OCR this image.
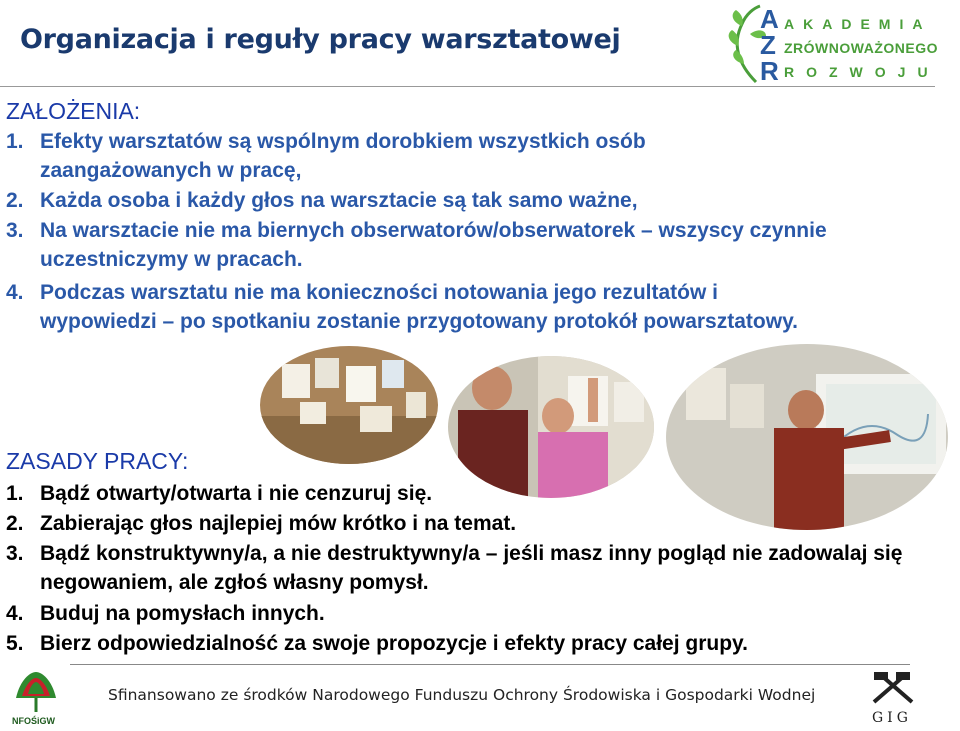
Organizacja i reguły pracy warsztatowej
A
Z
R
AKADEMIA
ZRÓWNOWAŻONEGO
ROZWOJU
ZAŁOŻENIA:
1. Efekty warsztatów są wspólnym dorobkiem wszystkich osób zaangażowanych w pracę,
2. Każda osoba i każdy głos na warsztacie są tak samo ważne,
3. Na warsztacie nie ma biernych obserwatorów/obserwatorek – wszyscy czynnie uczestniczymy w pracach.
4. Podczas warsztatu nie ma konieczności notowania jego rezultatów i wypowiedzi – po spotkaniu zostanie przygotowany protokół powarsztatowy.
ZASADY PRACY:
1. Bądź otwarty/otwarta i nie cenzuruj się.
2. Zabierając głos najlepiej mów krótko i na temat.
3. Bądź konstruktywny/a, a nie destruktywny/a – jeśli masz inny pogląd nie zadowalaj się negowaniem, ale zgłoś własny pomysł.
4. Buduj na pomysłach innych.
5. Bierz odpowiedzialność za swoje propozycje i efekty pracy całej grupy.
NFOŚiGW
Sfinansowano ze środków Narodowego Funduszu Ochrony Środowiska i Gospodarki Wodnej
GIG
